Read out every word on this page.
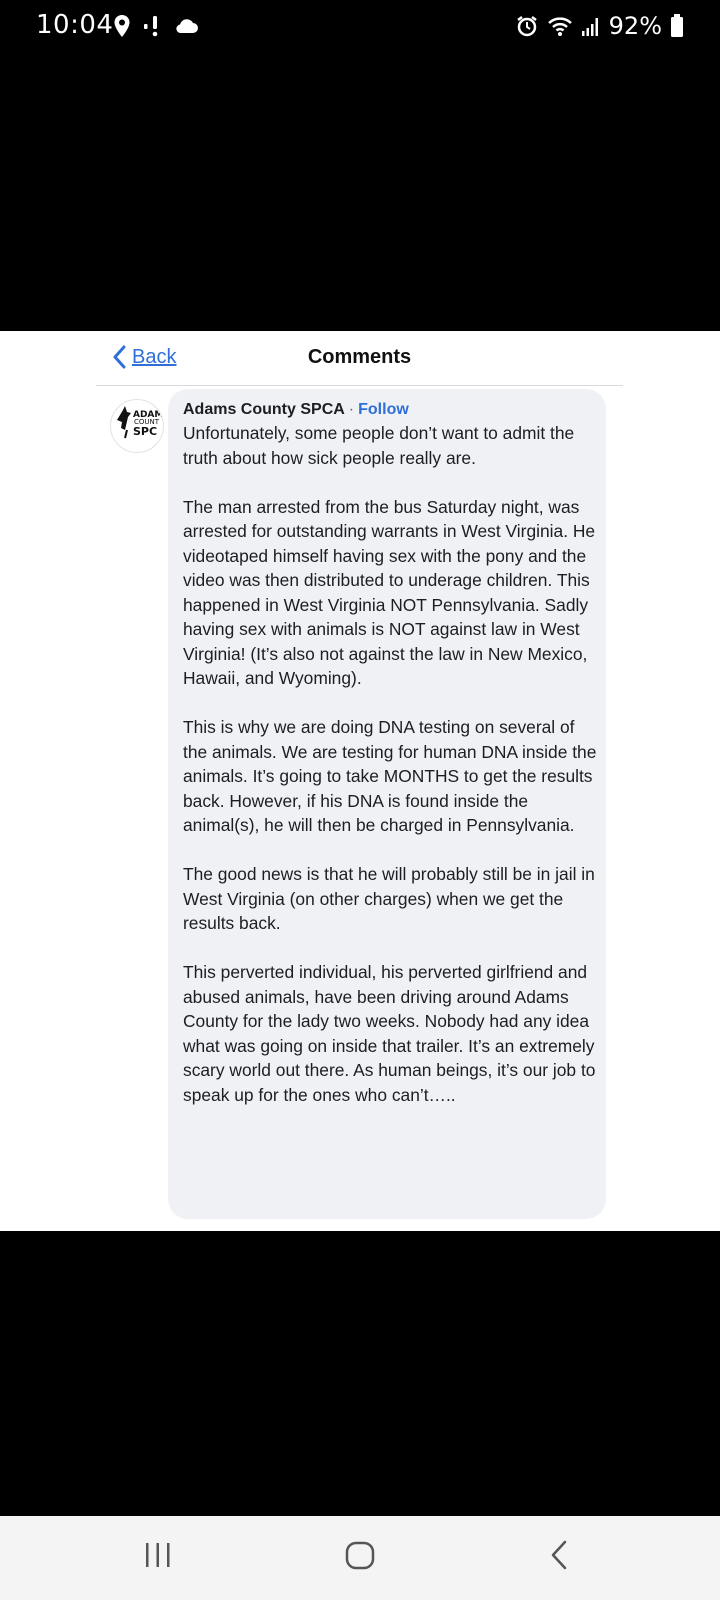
10:04	92%
Back	Comments
ADAM
COUNT
SPC
Adams County SPCA · Follow

Unfortunately, some people don’t want to admit the truth about how sick people really are.

The man arrested from the bus Saturday night, was arrested for outstanding warrants in West Virginia. He videotaped himself having sex with the pony and the video was then distributed to underage children. This happened in West Virginia NOT Pennsylvania. Sadly having sex with animals is NOT against law in West Virginia! (It’s also not against the law in New Mexico, Hawaii, and Wyoming).

This is why we are doing DNA testing on several of the animals. We are testing for human DNA inside the animals. It’s going to take MONTHS to get the results back. However, if his DNA is found inside the animal(s), he will then be charged in Pennsylvania.

The good news is that he will probably still be in jail in West Virginia (on other charges) when we get the results back.

This perverted individual, his perverted girlfriend and abused animals, have been driving around Adams County for the lady two weeks. Nobody had any idea what was going on inside that trailer. It’s an extremely scary world out there. As human beings, it’s our job to speak up for the ones who can’t…..
